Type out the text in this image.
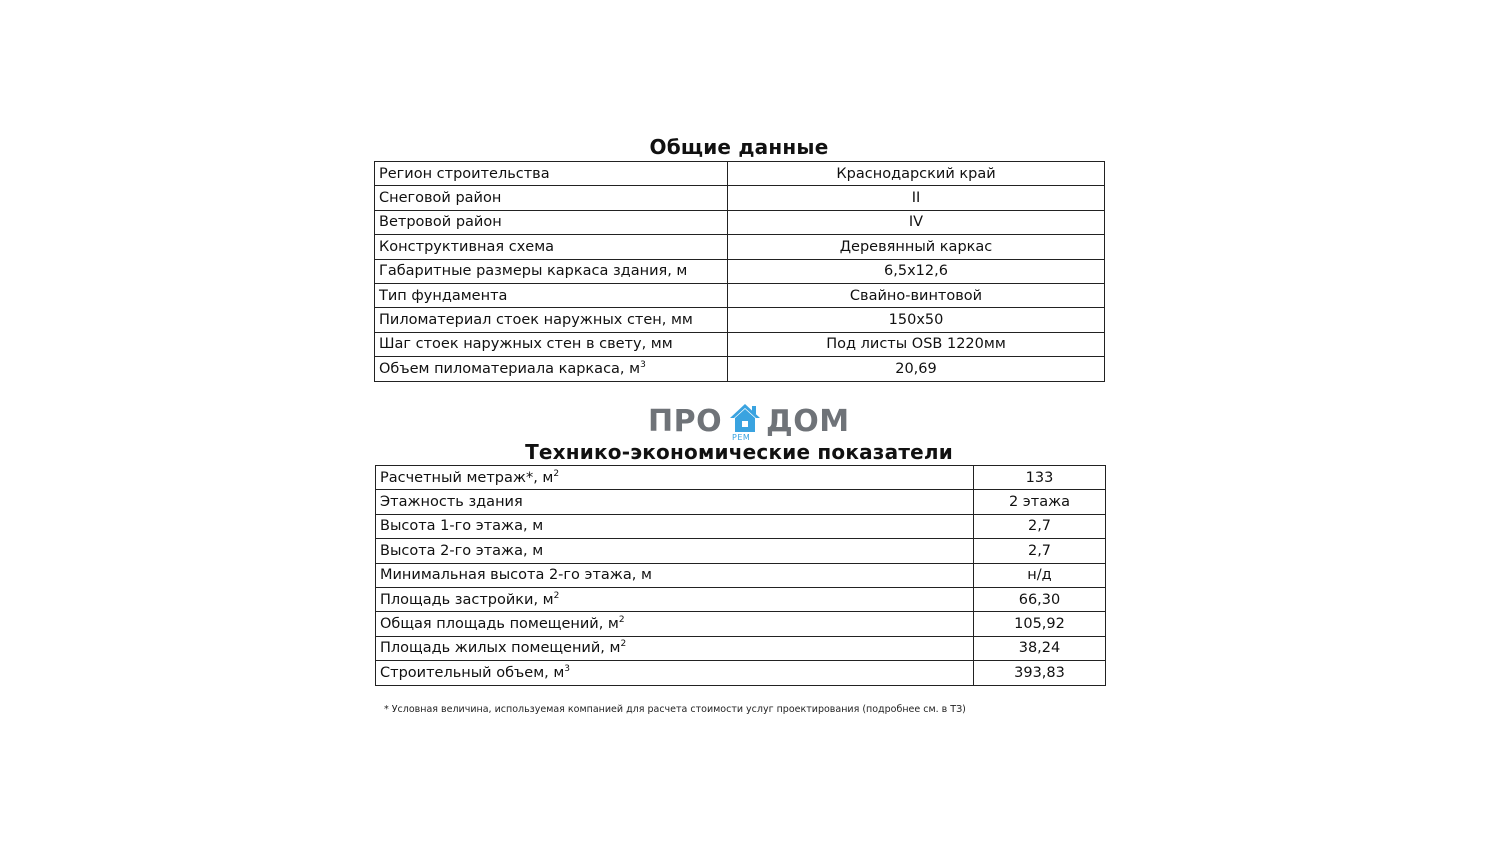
Общие данные
Регион строительства	Краснодарский край
Снеговой район	II
Ветровой район	IV
Конструктивная схема	Деревянный каркас
Габаритные размеры каркаса здания, м	6,5х12,6
Тип фундамента	Свайно-винтовой
Пиломатериал стоек наружных стен, мм	150х50
Шаг стоек наружных стен в свету, мм	Под листы OSB 1220мм
Объем пиломатериала каркаса, $м^3$	20,69
ПРО РЕМ ДОМ
Технико-экономические показатели
Расчетный метраж*, $м^2$	133
Этажность здания	2 этажа
Высота 1-го этажа, м	2,7
Высота 2-го этажа, м	2,7
Минимальная высота 2-го этажа, м	н/д
Площадь застройки, $м^2$	66,30
Общая площадь помещений, $м^2$	105,92
Площадь жилых помещений, $м^2$	38,24
Строительный объем, $м^3$	393,83
* Условная величина, используемая компанией для расчета стоимости услуг проектирования (подробнее см. в ТЗ)
